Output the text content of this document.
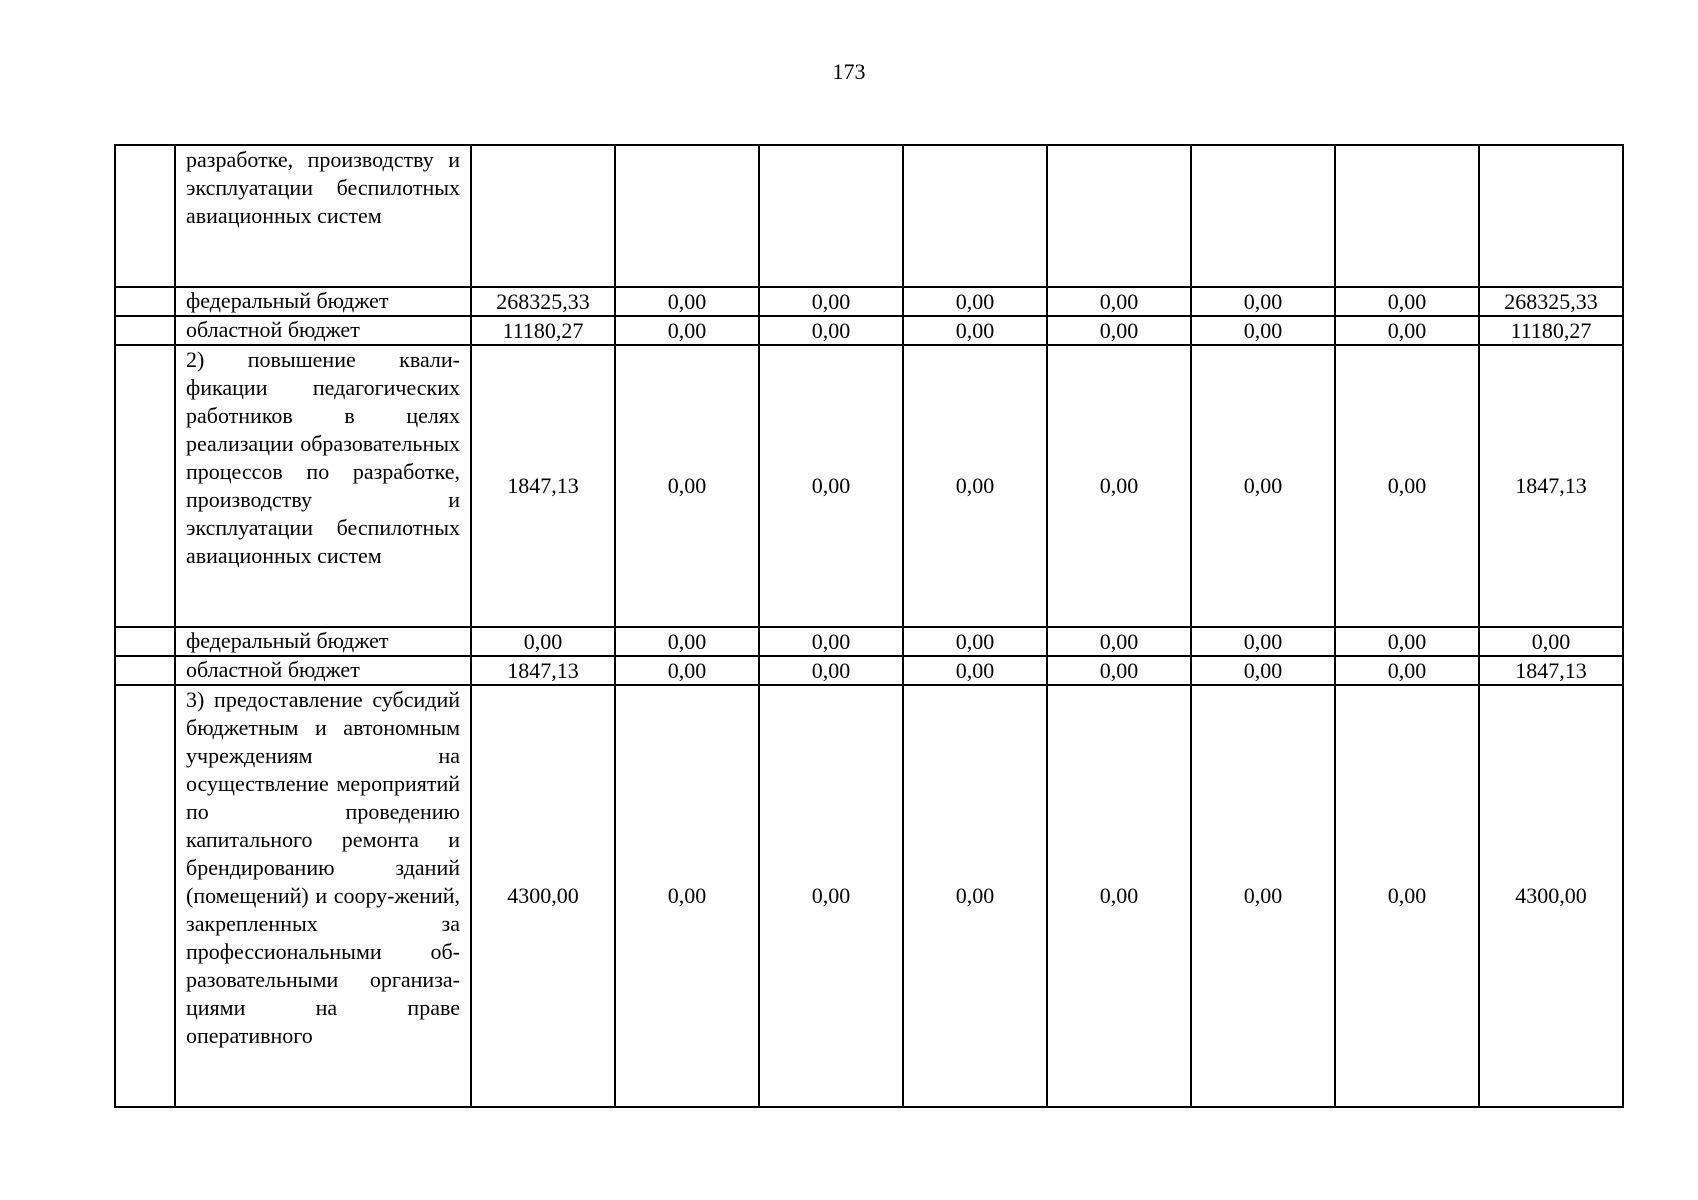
173
	разработке, производству и эксплуатации беспилотных авиационных систем								
	федеральный бюджет	268325,33	0,00	0,00	0,00	0,00	0,00	0,00	268325,33
	областной бюджет	11180,27	0,00	0,00	0,00	0,00	0,00	0,00	11180,27
	2) повышение квали-фикации педагогических работников в целях реализации образовательных процессов по разработке, производству и эксплуатации беспилотных авиационных систем	1847,13	0,00	0,00	0,00	0,00	0,00	0,00	1847,13
	федеральный бюджет	0,00	0,00	0,00	0,00	0,00	0,00	0,00	0,00
	областной бюджет	1847,13	0,00	0,00	0,00	0,00	0,00	0,00	1847,13
	3) предоставление субсидий бюджетным и автономным учреждениям на осуществление мероприятий по проведению капитального ремонта и брендированию зданий (помещений) и соору-жений, закрепленных за профессиональными об-разовательными организа-циями на праве оперативного	4300,00	0,00	0,00	0,00	0,00	0,00	0,00	4300,00
